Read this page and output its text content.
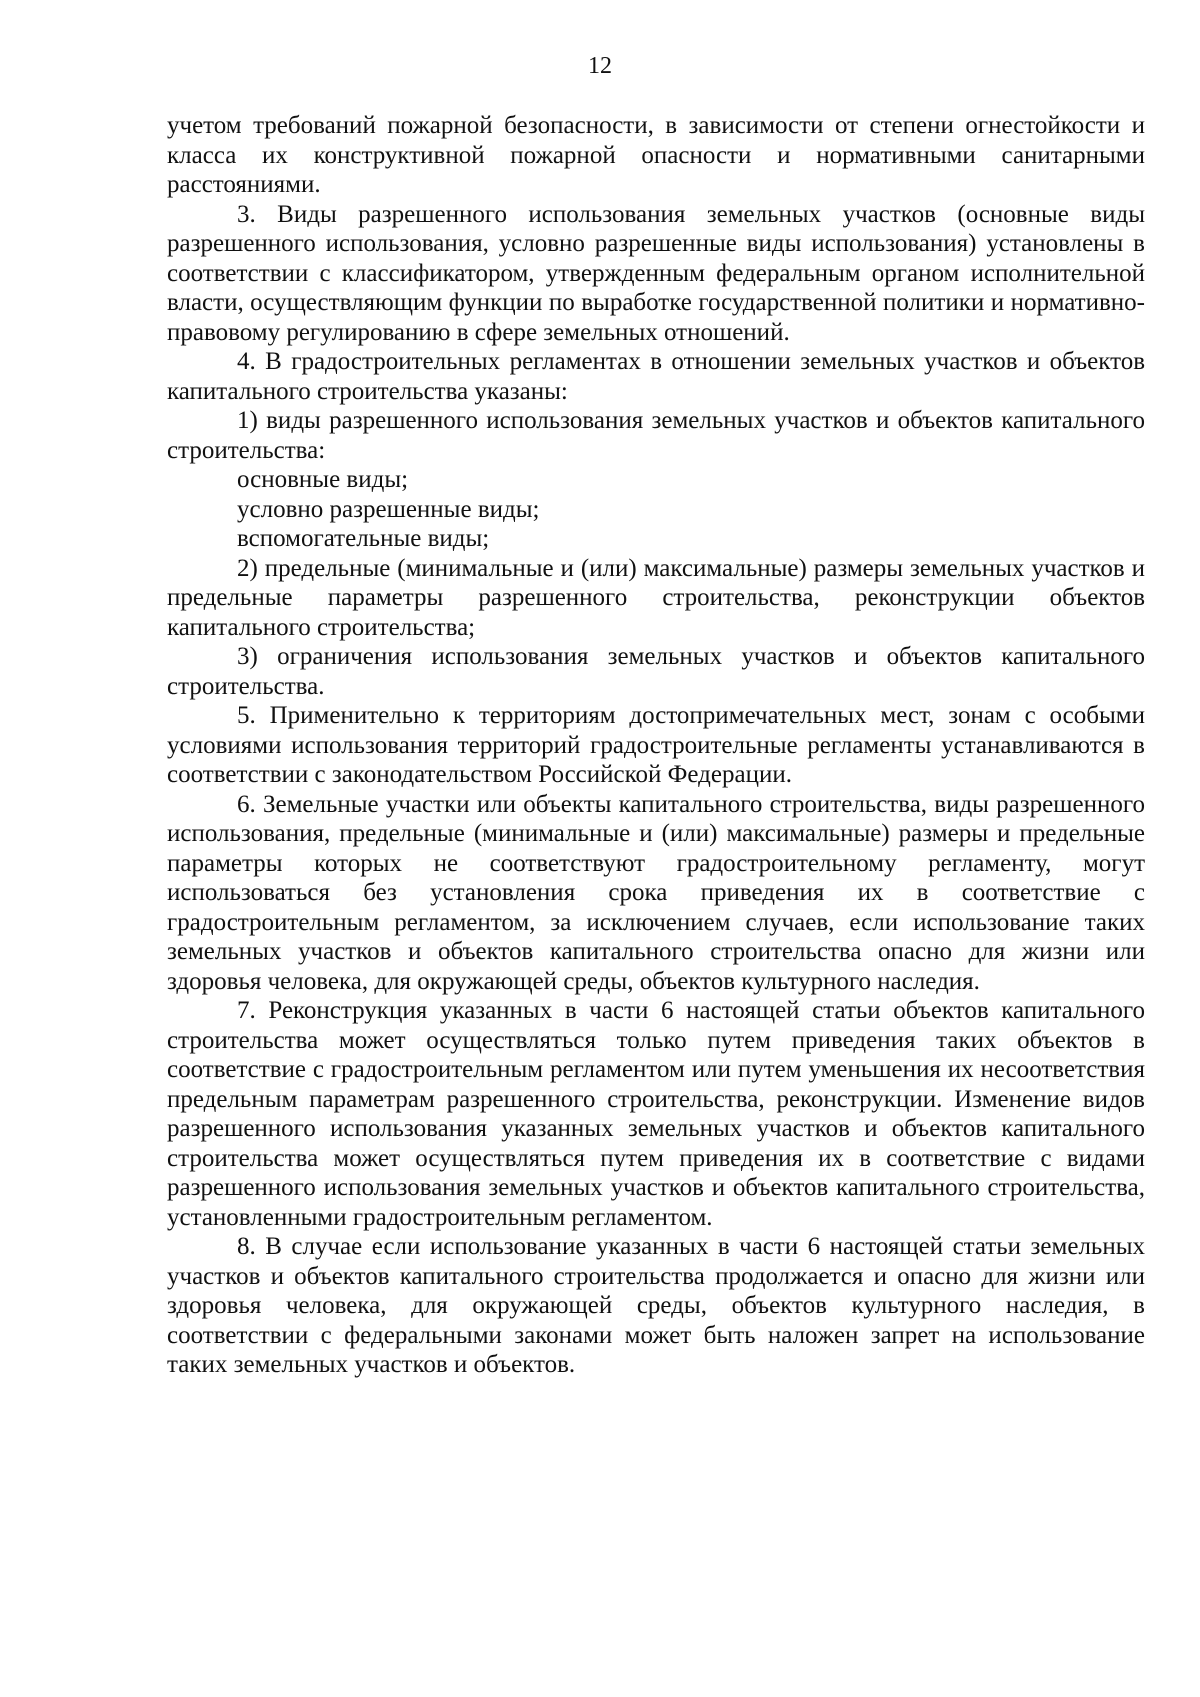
12

учетом требований пожарной безопасности, в зависимости от степени огнестойкости и класса их конструктивной пожарной опасности и нормативными санитарными расстояниями.

3. Виды разрешенного использования земельных участков (основные виды разрешенного использования, условно разрешенные виды использования) установлены в соответствии с классификатором, утвержденным федеральным органом исполнительной власти, осуществляющим функции по выработке государственной политики и нормативно-правовому регулированию в сфере земельных отношений.

4. В градостроительных регламентах в отношении земельных участков и объектов капитального строительства указаны:

1) виды разрешенного использования земельных участков и объектов капитального строительства:

основные виды;

условно разрешенные виды;

вспомогательные виды;

2) предельные (минимальные и (или) максимальные) размеры земельных участков и предельные параметры разрешенного строительства, реконструкции объектов капитального строительства;

3) ограничения использования земельных участков и объектов капитального строительства.

5. Применительно к территориям достопримечательных мест, зонам с особыми условиями использования территорий градостроительные регламенты устанавливаются в соответствии с законодательством Российской Федерации.

6. Земельные участки или объекты капитального строительства, виды разрешенного использования, предельные (минимальные и (или) максимальные) размеры и предельные параметры которых не соответствуют градостроительному регламенту, могут использоваться без установления срока приведения их в соответствие с градостроительным регламентом, за исключением случаев, если использование таких земельных участков и объектов капитального строительства опасно для жизни или здоровья человека, для окружающей среды, объектов культурного наследия.

7. Реконструкция указанных в части 6 настоящей статьи объектов капитального строительства может осуществляться только путем приведения таких объектов в соответствие с градостроительным регламентом или путем уменьшения их несоответствия предельным параметрам разрешенного строительства, реконструкции. Изменение видов разрешенного использования указанных земельных участков и объектов капитального строительства может осуществляться путем приведения их в соответствие с видами разрешенного использования земельных участков и объектов капитального строительства, установленными градостроительным регламентом.

8. В случае если использование указанных в части 6 настоящей статьи земельных участков и объектов капитального строительства продолжается и опасно для жизни или здоровья человека, для окружающей среды, объектов культурного наследия, в соответствии с федеральными законами может быть наложен запрет на использование таких земельных участков и объектов.
